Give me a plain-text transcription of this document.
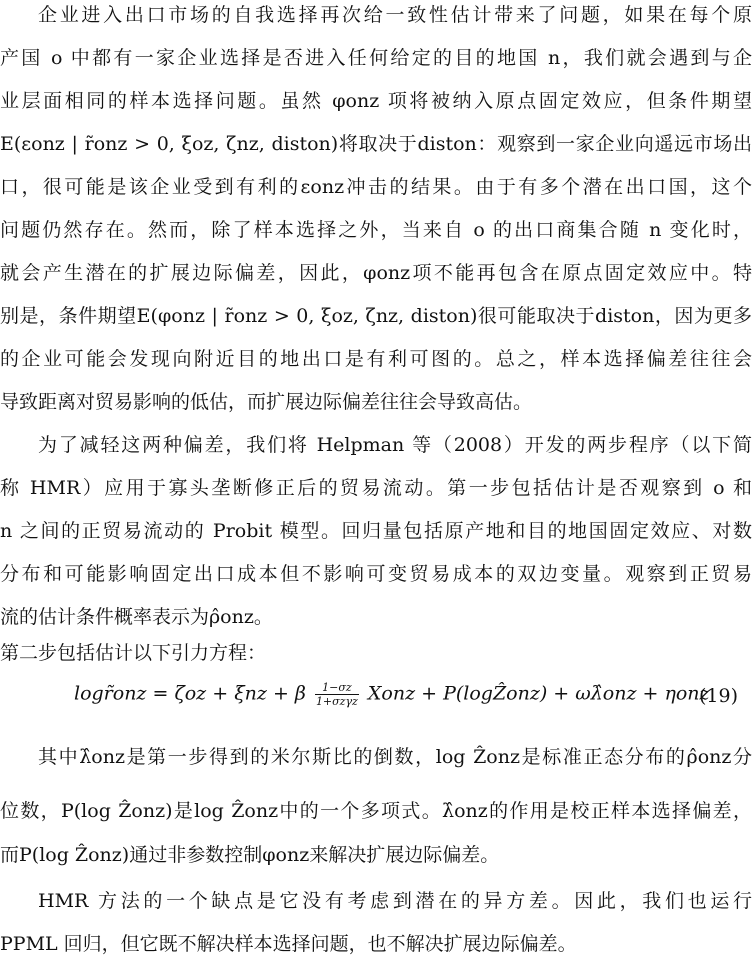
企业进入出口市场的自我选择再次给一致性估计带来了问题，如果在每个原
产国 o 中都有一家企业选择是否进入任何给定的目的地国 n，我们就会遇到与企
业层面相同的样本选择问题。虽然 φonz 项将被纳入原点固定效应，但条件期望
E(εonz | r̃onz > 0, ξoz, ζnz, diston)将取决于diston：观察到一家企业向遥远市场出
口，很可能是该企业受到有利的εonz冲击的结果。由于有多个潜在出口国，这个
问题仍然存在。然而，除了样本选择之外，当来自 o 的出口商集合随 n 变化时，
就会产生潜在的扩展边际偏差，因此，φonz项不能再包含在原点固定效应中。特
别是，条件期望E(φonz | r̃onz > 0, ξoz, ζnz, diston)很可能取决于diston，因为更多
的企业可能会发现向附近目的地出口是有利可图的。总之，样本选择偏差往往会
导致距离对贸易影响的低估，而扩展边际偏差往往会导致高估。
为了减轻这两种偏差，我们将 Helpman 等（2008）开发的两步程序（以下简
称 HMR）应用于寡头垄断修正后的贸易流动。第一步包括估计是否观察到 o 和
n 之间的正贸易流动的 Probit 模型。回归量包括原产地和目的地国固定效应、对数
分布和可能影响固定出口成本但不影响可变贸易成本的双边变量。观察到正贸易
流的估计条件概率表示为ρ̂onz。
第二步包括估计以下引力方程：
logr̃onz = ζoz + ξnz + β $\frac{1-\sigma z}{\text{1+σzγz}}$ Xonz + P(logẐonz) + ωλ̂onz + ηonz
(19)
其中λ̂onz是第一步得到的米尔斯比的倒数，log Ẑonz是标准正态分布的ρ̂onz分
位数，P(log Ẑonz)是log Ẑonz中的一个多项式。λ̂onz的作用是校正样本选择偏差，
而P(log Ẑonz)通过非参数控制φonz来解决扩展边际偏差。
HMR 方法的一个缺点是它没有考虑到潜在的异方差。因此，我们也运行
PPML 回归，但它既不解决样本选择问题，也不解决扩展边际偏差。
